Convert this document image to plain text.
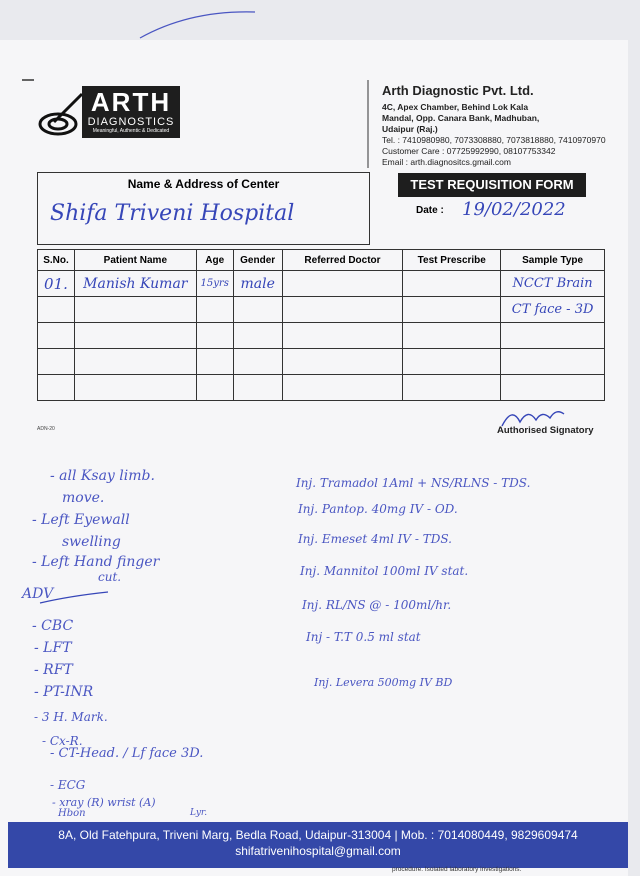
ARTH
DIAGNOSTICS
Meaningful, Authentic & Dedicated
Arth Diagnostic Pvt. Ltd.
4C, Apex Chamber, Behind Lok Kala
Mandal, Opp. Canara Bank, Madhuban,
Udaipur (Raj.)
Tel. : 7410980980, 7073308880, 7073818880, 7410970970
Customer Care : 07725992990, 08107753342
Email : arth.diagnositcs.gmail.com
Name & Address of Center
Shifa Triveni Hospital
TEST REQUISITION FORM
Date : 19/02/2022
S.No.	Patient Name	Age	Gender	Referred Doctor	Test Prescribe	Sample Type
01.	Manish Kumar	15yrs	male			NCCT Brain
						CT face - 3D

Authorised Signatory
ADN-20
- all Ksay limb.
move.
- Left Eyewall
swelling
- Left Hand finger
cut.
ADV
- CBC
- LFT
- RFT
- PT-INR
- 3 H. Mark.
- Cx-R.
- CT-Head. / Lf face 3D.
- ECG
- xray (R) wrist (A)
Lyr.
Hbon
Inj. Tramadol 1Aml + NS/RLNS - TDS.
Inj. Pantop. 40mg IV - OD.
Inj. Emeset 4ml IV - TDS.
Inj. Mannitol 100ml IV stat.
Inj. RL/NS @ - 100ml/hr.
Inj - T.T 0.5 ml stat
Inj. Levera 500mg IV BD
8A, Old Fatehpura, Triveni Marg, Bedla Road, Udaipur-313004 | Mob. : 7014080449, 9829609474
shifatrivenihospital@gmail.com
procedure. Isolated laboratory investigations.
